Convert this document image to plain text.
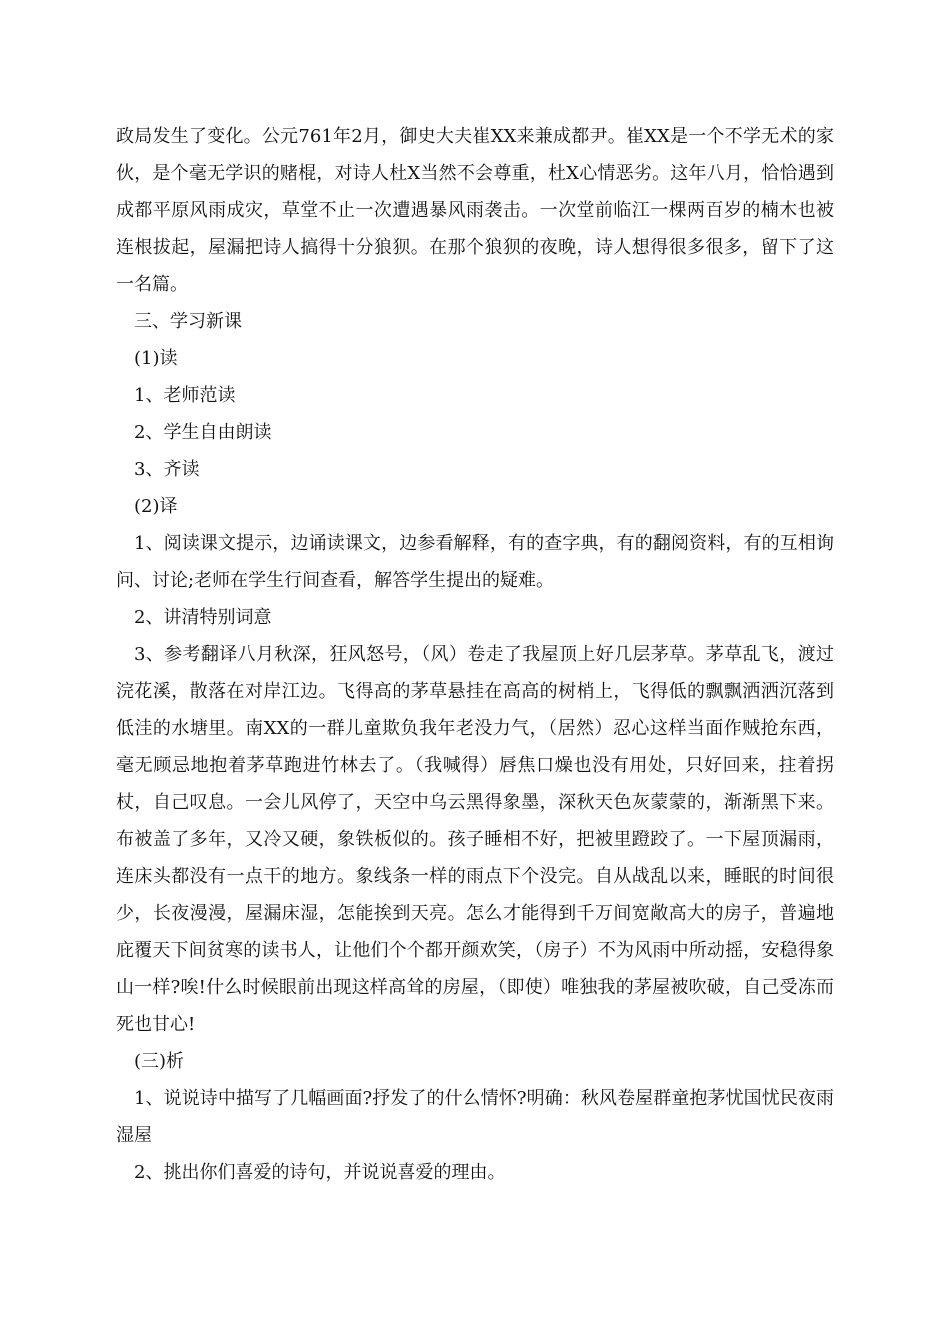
政局发生了变化。公元761年2月，御史大夫崔XX来兼成都尹。崔XX是一个不学无术的家伙，是个毫无学识的赌棍，对诗人杜X当然不会尊重，杜X心情恶劣。这年八月，恰恰遇到成都平原风雨成灾，草堂不止一次遭遇暴风雨袭击。一次堂前临江一棵两百岁的楠木也被连根拔起，屋漏把诗人搞得十分狼狈。在那个狼狈的夜晚，诗人想得很多很多，留下了这一名篇。

三、学习新课

(1)读

1、老师范读

2、学生自由朗读

3、齐读

(2)译

1、阅读课文提示，边诵读课文，边参看解释，有的查字典，有的翻阅资料，有的互相询问、讨论;老师在学生行间查看，解答学生提出的疑难。

2、讲清特别词意

3、参考翻译八月秋深，狂风怒号，（风）卷走了我屋顶上好几层茅草。茅草乱飞，渡过浣花溪，散落在对岸江边。飞得高的茅草悬挂在高高的树梢上，飞得低的飘飘洒洒沉落到低洼的水塘里。南XX的一群儿童欺负我年老没力气，（居然）忍心这样当面作贼抢东西，毫无顾忌地抱着茅草跑进竹林去了。（我喊得）唇焦口燥也没有用处，只好回来，拄着拐杖，自己叹息。一会儿风停了，天空中乌云黑得象墨，深秋天色灰蒙蒙的，渐渐黑下来。布被盖了多年，又冷又硬，象铁板似的。孩子睡相不好，把被里蹬跤了。一下屋顶漏雨，连床头都没有一点干的地方。象线条一样的雨点下个没完。自从战乱以来，睡眠的时间很少，长夜漫漫，屋漏床湿，怎能挨到天亮。怎么才能得到千万间宽敞高大的房子，普遍地庇覆天下间贫寒的读书人，让他们个个都开颜欢笑，（房子）不为风雨中所动摇，安稳得象山一样?唉!什么时候眼前出现这样高耸的房屋，（即使）唯独我的茅屋被吹破，自己受冻而死也甘心!

(三)析

1、说说诗中描写了几幅画面?抒发了的什么情怀?明确：秋风卷屋群童抱茅忧国忧民夜雨湿屋

2、挑出你们喜爱的诗句，并说说喜爱的理由。
